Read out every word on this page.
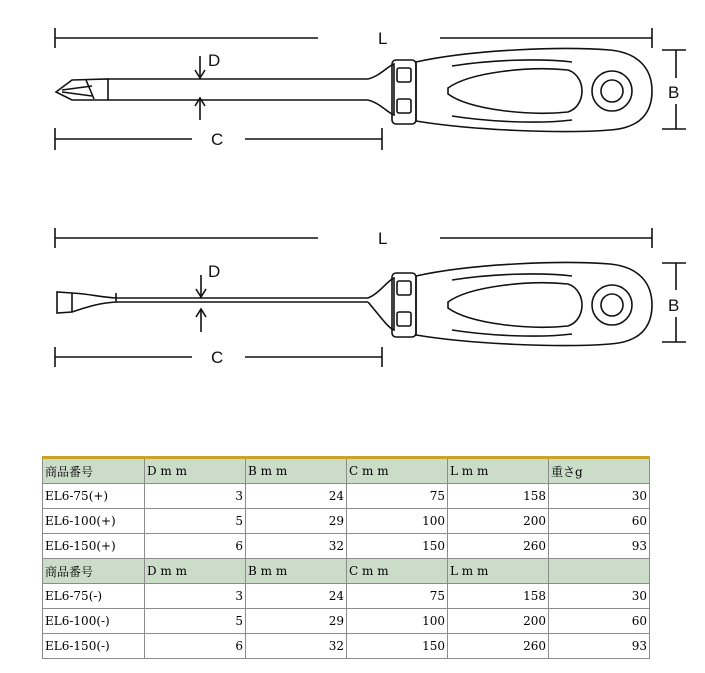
L
D
C
B
L
D
C
B
商品番号	D m m	B m m	C m m	L m m	重さg
EL6-75(+)	3	24	75	158	30
EL6-100(+)	5	29	100	200	60
EL6-150(+)	6	32	150	260	93
商品番号	D m m	B m m	C m m	L m m	
EL6-75(-)	3	24	75	158	30
EL6-100(-)	5	29	100	200	60
EL6-150(-)	6	32	150	260	93
